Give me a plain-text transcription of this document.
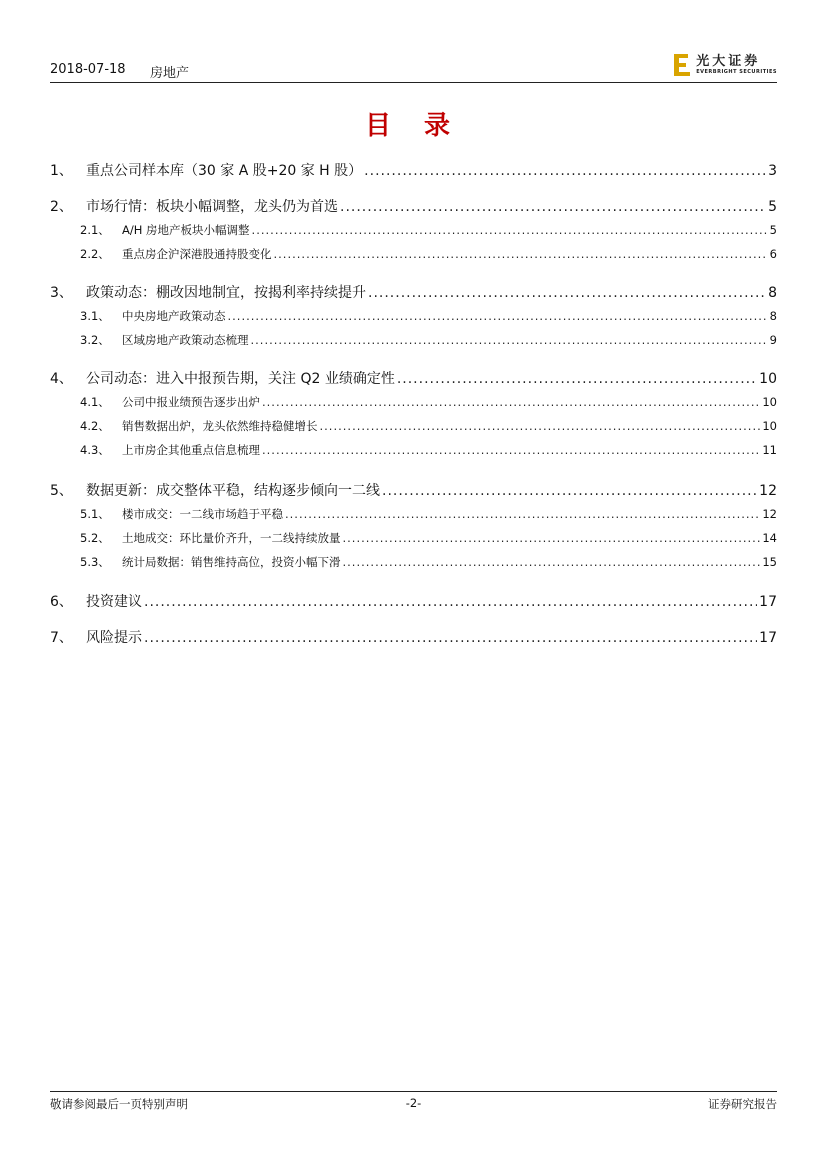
2018-07-18 房地产
光大证券
EVERBRIGHT SECURITIES
目 录
1、 重点公司样本库（30 家 A 股+20 家 H 股） .....	3
2、 市场行情：板块小幅调整，龙头仍为首选 .....	5
2.1、	A/H 房地产板块小幅调整 .....	5
2.2、	重点房企沪深港股通持股变化 .....	6
3、 政策动态：棚改因地制宜，按揭利率持续提升 .....	8
3.1、	中央房地产政策动态 .....	8
3.2、	区域房地产政策动态梳理 .....	9
4、 公司动态：进入中报预告期，关注 Q2 业绩确定性 .....	10
4.1、	公司中报业绩预告逐步出炉 .....	10
4.2、	销售数据出炉，龙头依然维持稳健增长 .....	10
4.3、	上市房企其他重点信息梳理 .....	11
5、 数据更新：成交整体平稳，结构逐步倾向一二线 .....	12
5.1、	楼市成交：一二线市场趋于平稳 .....	12
5.2、	土地成交：环比量价齐升，一二线持续放量 .....	14
5.3、	统计局数据：销售维持高位，投资小幅下滑 .....	15
6、 投资建议 .....	17
7、 风险提示 .....	17
敬请参阅最后一页特别声明	-2-	证券研究报告
